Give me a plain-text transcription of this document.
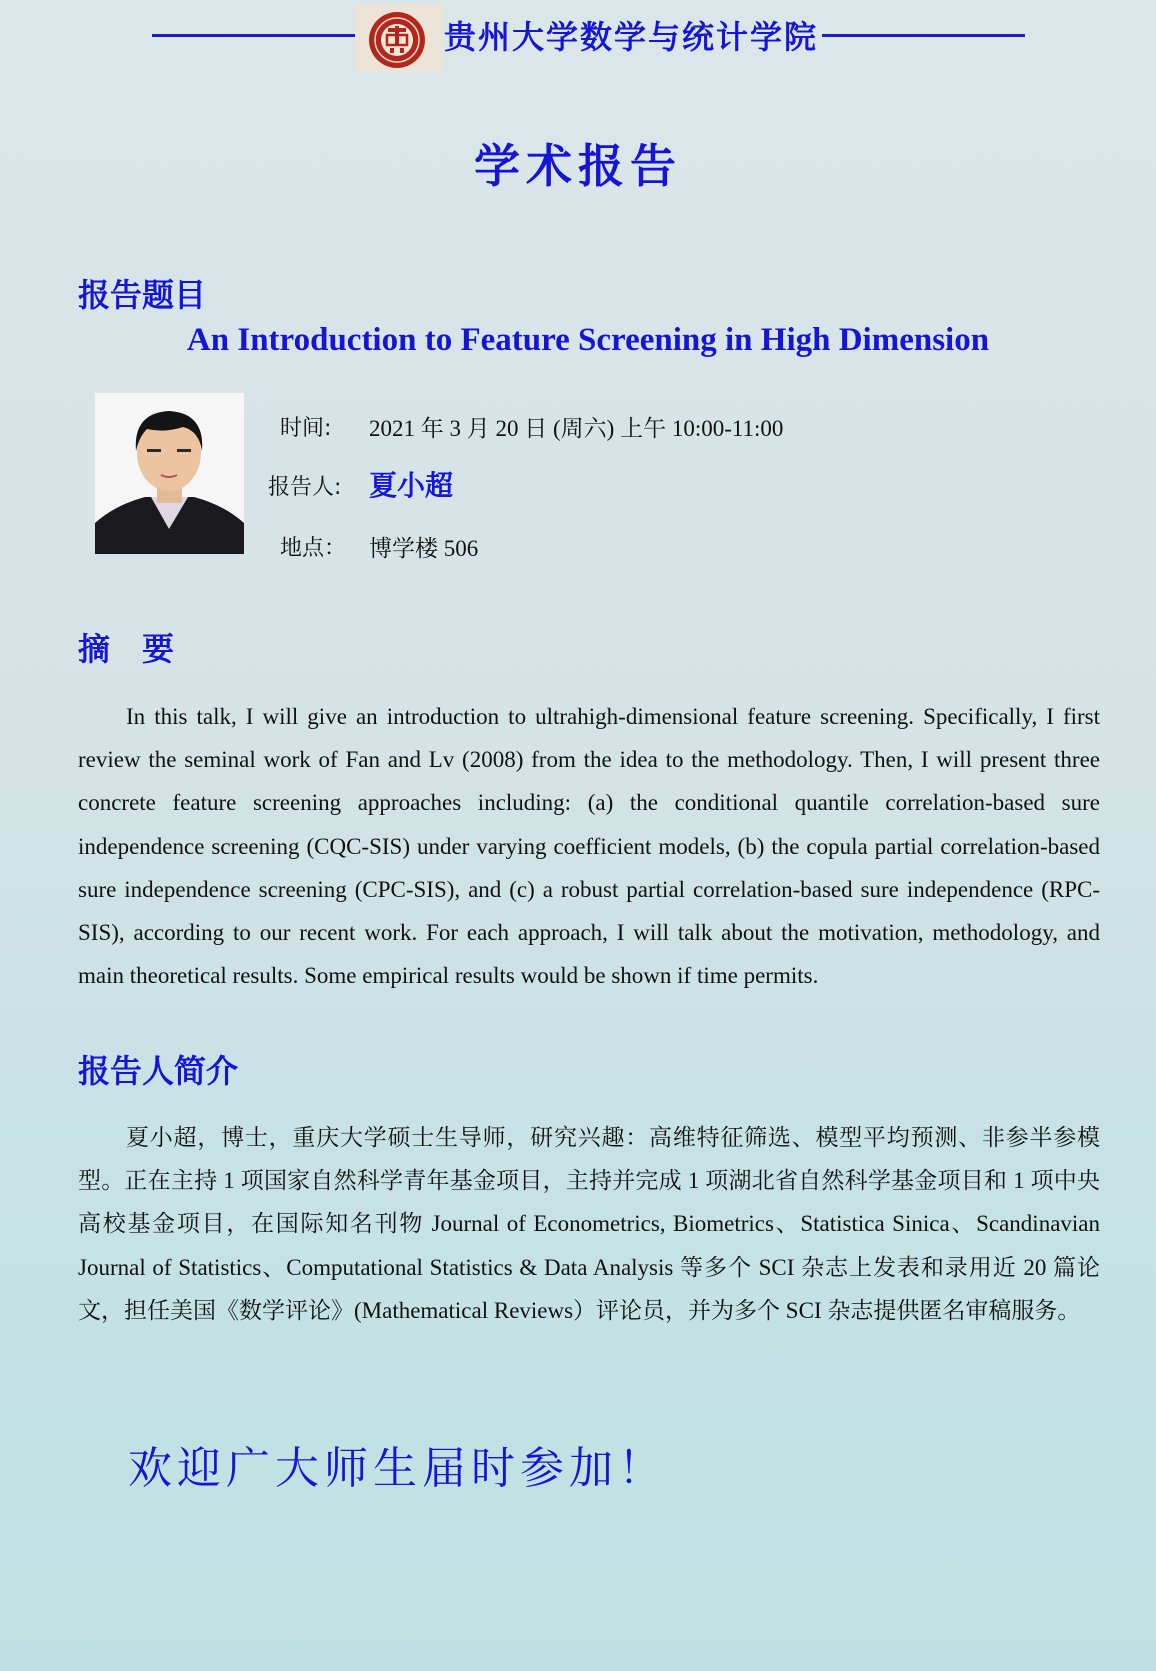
贵州大学数学与统计学院
学术报告
报告题目
An Introduction to Feature Screening in High Dimension
时间: 2021 年 3 月 20 日 (周六) 上午 10:00-11:00
报告人: 夏小超
地点： 博学楼 506
摘　要

In this talk, I will give an introduction to ultrahigh-dimensional feature screening. Specifically, I first review the seminal work of Fan and Lv (2008) from the idea to the methodology. Then, I will present three concrete feature screening approaches including: (a) the conditional quantile correlation-based sure independence screening (CQC-SIS) under varying coefficient models, (b) the copula partial correlation-based sure independence screening (CPC-SIS), and (c) a robust partial correlation-based sure independence (RPC-SIS), according to our recent work. For each approach, I will talk about the motivation, methodology, and main theoretical results. Some empirical results would be shown if time permits.

报告人简介

夏小超，博士，重庆大学硕士生导师，研究兴趣：高维特征筛选、模型平均预测、非参半参模型。正在主持 1 项国家自然科学青年基金项目，主持并完成 1 项湖北省自然科学基金项目和 1 项中央高校基金项目，在国际知名刊物 Journal of Econometrics, Biometrics、Statistica Sinica、Scandinavian Journal of Statistics、Computational Statistics & Data Analysis 等多个 SCI 杂志上发表和录用近 20 篇论文，担任美国《数学评论》(Mathematical Reviews）评论员，并为多个 SCI 杂志提供匿名审稿服务。

欢迎广大师生届时参加！
